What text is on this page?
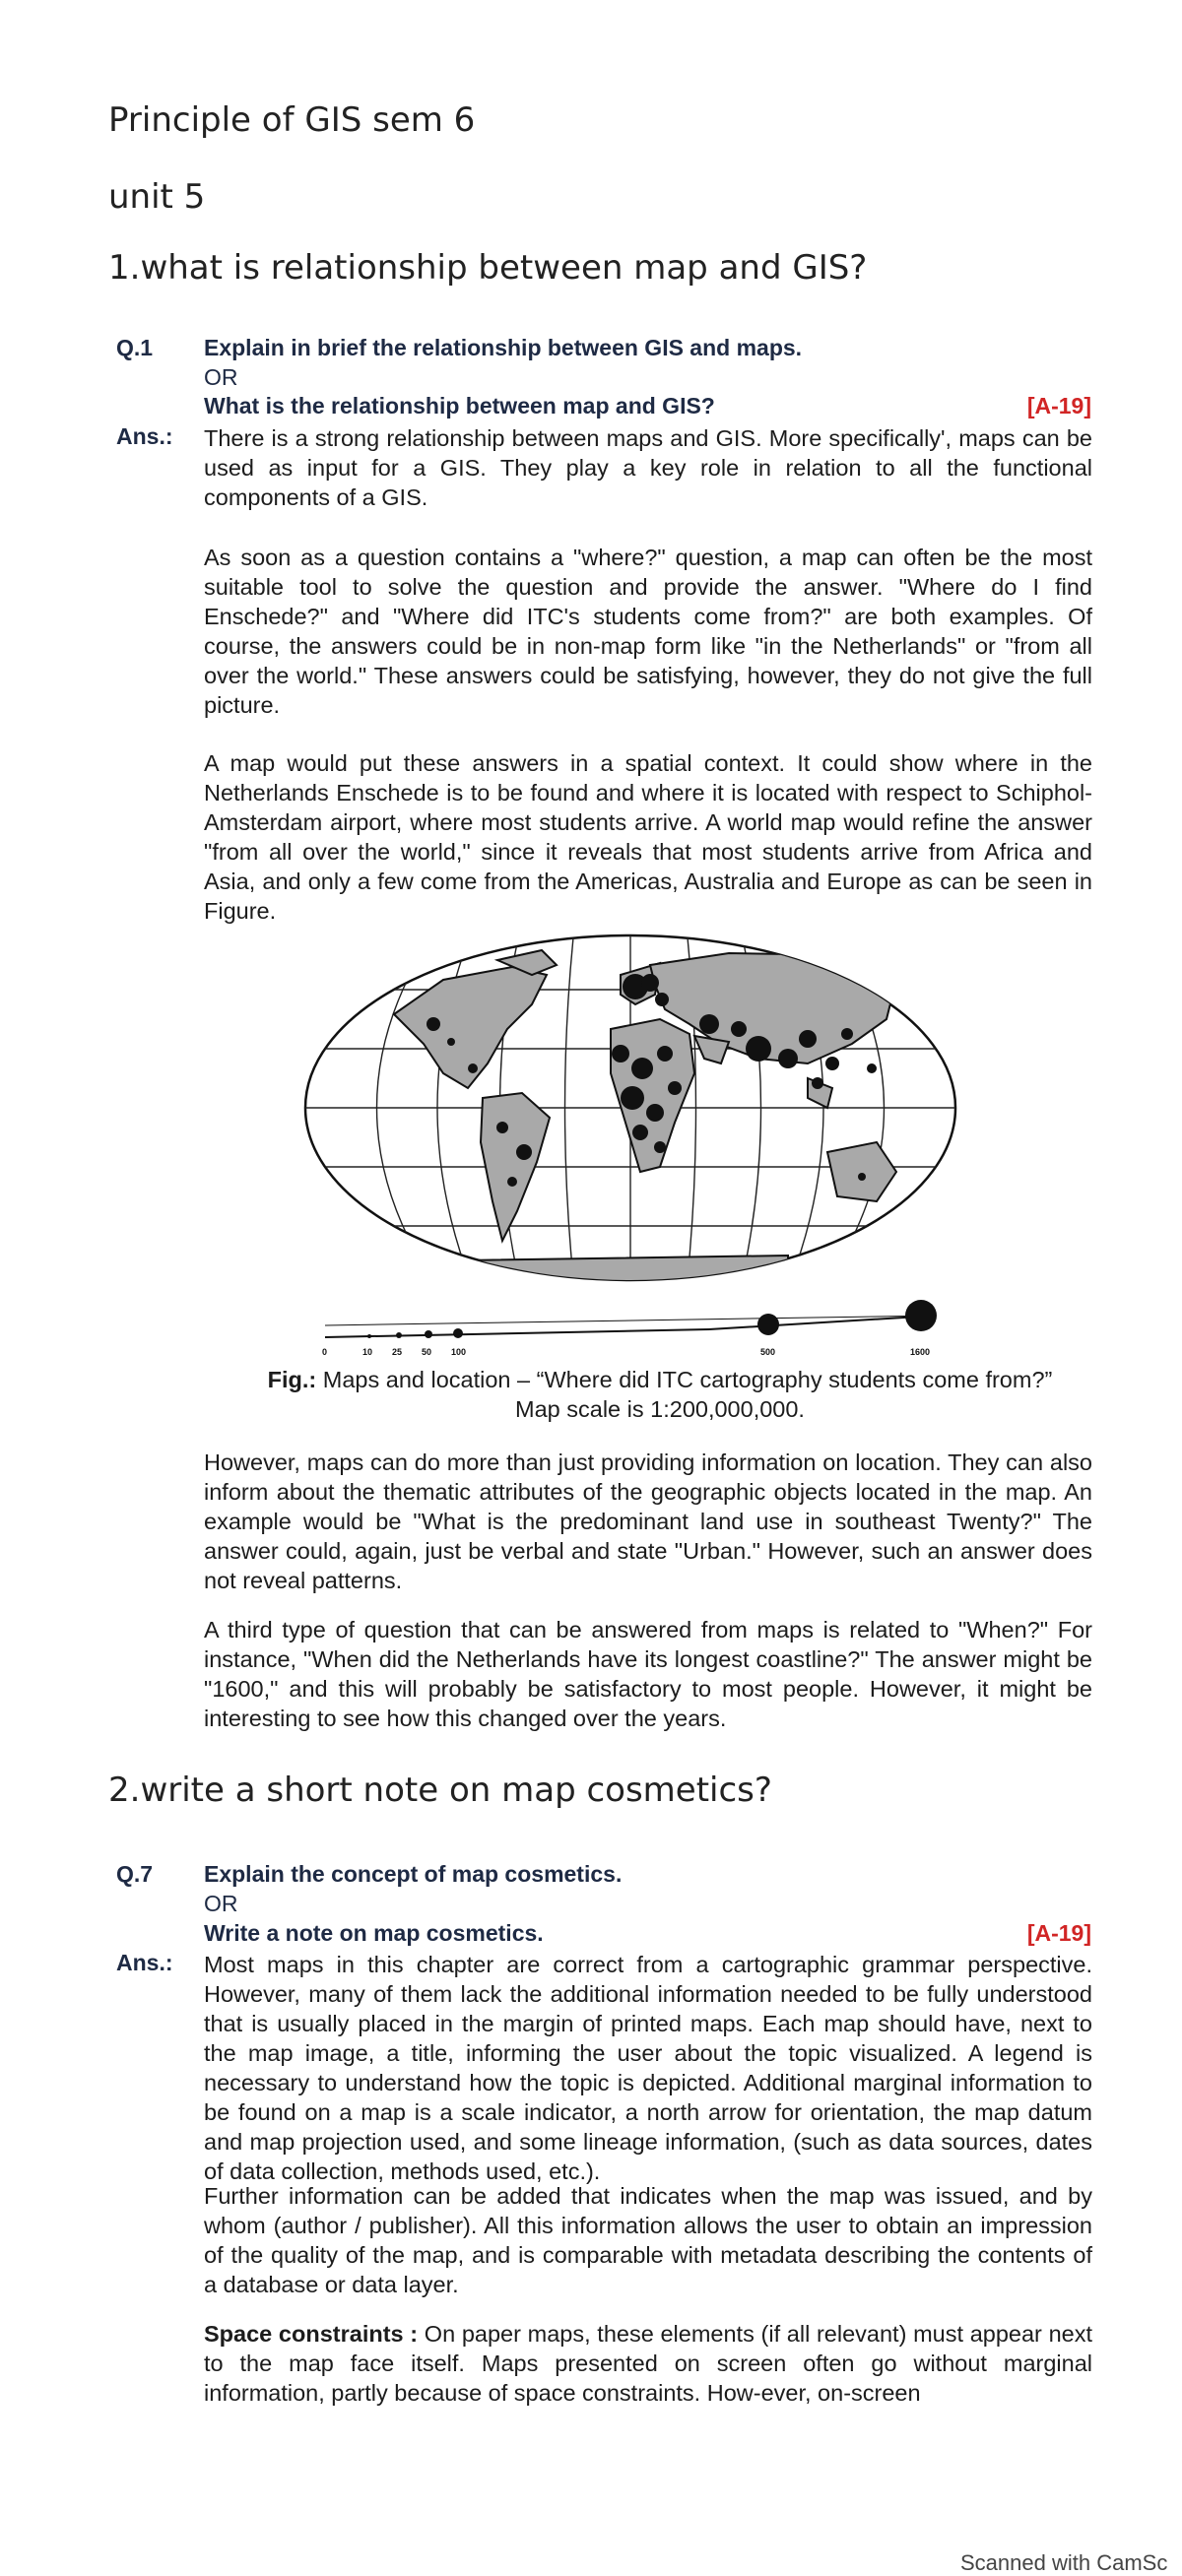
Principle of GIS sem 6
unit 5
1.what is relationship between map and GIS?
Q.1 Explain in brief the relationship between GIS and maps.
OR
What is the relationship between map and GIS?	[A-19]
Ans.: There is a strong relationship between maps and GIS. More specifically', maps can be used as input for a GIS. They play a key role in relation to all the functional components of a GIS.

As soon as a question contains a "where?" question, a map can often be the most suitable tool to solve the question and provide the answer. "Where do I find Enschede?" and "Where did ITC's students come from?" are both examples. Of course, the answers could be in non-map form like "in the Netherlands" or "from all over the world." These answers could be satisfying, however, they do not give the full picture.

A map would put these answers in a spatial context. It could show where in the Netherlands Enschede is to be found and where it is located with respect to Schiphol-Amsterdam airport, where most students arrive. A world map would refine the answer "from all over the world," since it reveals that most students arrive from Africa and Asia, and only a few come from the Americas, Australia and Europe as can be seen in Figure.

0	10 25 50 100	500	1600
Fig.: Maps and location – “Where did ITC cartography students come from?”
Map scale is 1:200,000,000.

However, maps can do more than just providing information on location. They can also inform about the thematic attributes of the geographic objects located in the map. An example would be "What is the predominant land use in southeast Twenty?" The answer could, again, just be verbal and state "Urban." However, such an answer does not reveal patterns.

A third type of question that can be answered from maps is related to "When?" For instance, "When did the Netherlands have its longest coastline?" The answer might be "1600," and this will probably be satisfactory to most people. However, it might be interesting to see how this changed over the years.

2.write a short note on map cosmetics?
Q.7 Explain the concept of map cosmetics.
OR
Write a note on map cosmetics.	[A-19]
Ans.: Most maps in this chapter are correct from a cartographic grammar perspective. However, many of them lack the additional information needed to be fully understood that is usually placed in the margin of printed maps. Each map should have, next to the map image, a title, informing the user about the topic visualized. A legend is necessary to understand how the topic is depicted. Additional marginal information to be found on a map is a scale indicator, a north arrow for orientation, the map datum and map projection used, and some lineage information, (such as data sources, dates of data collection, methods used, etc.).

Further information can be added that indicates when the map was issued, and by whom (author / publisher). All this information allows the user to obtain an impression of the quality of the map, and is comparable with metadata describing the contents of a database or data layer.

Space constraints : On paper maps, these elements (if all relevant) must appear next to the map face itself. Maps presented on screen often go without marginal information, partly because of space constraints. How-ever, on-screen

Scanned with CamSc
